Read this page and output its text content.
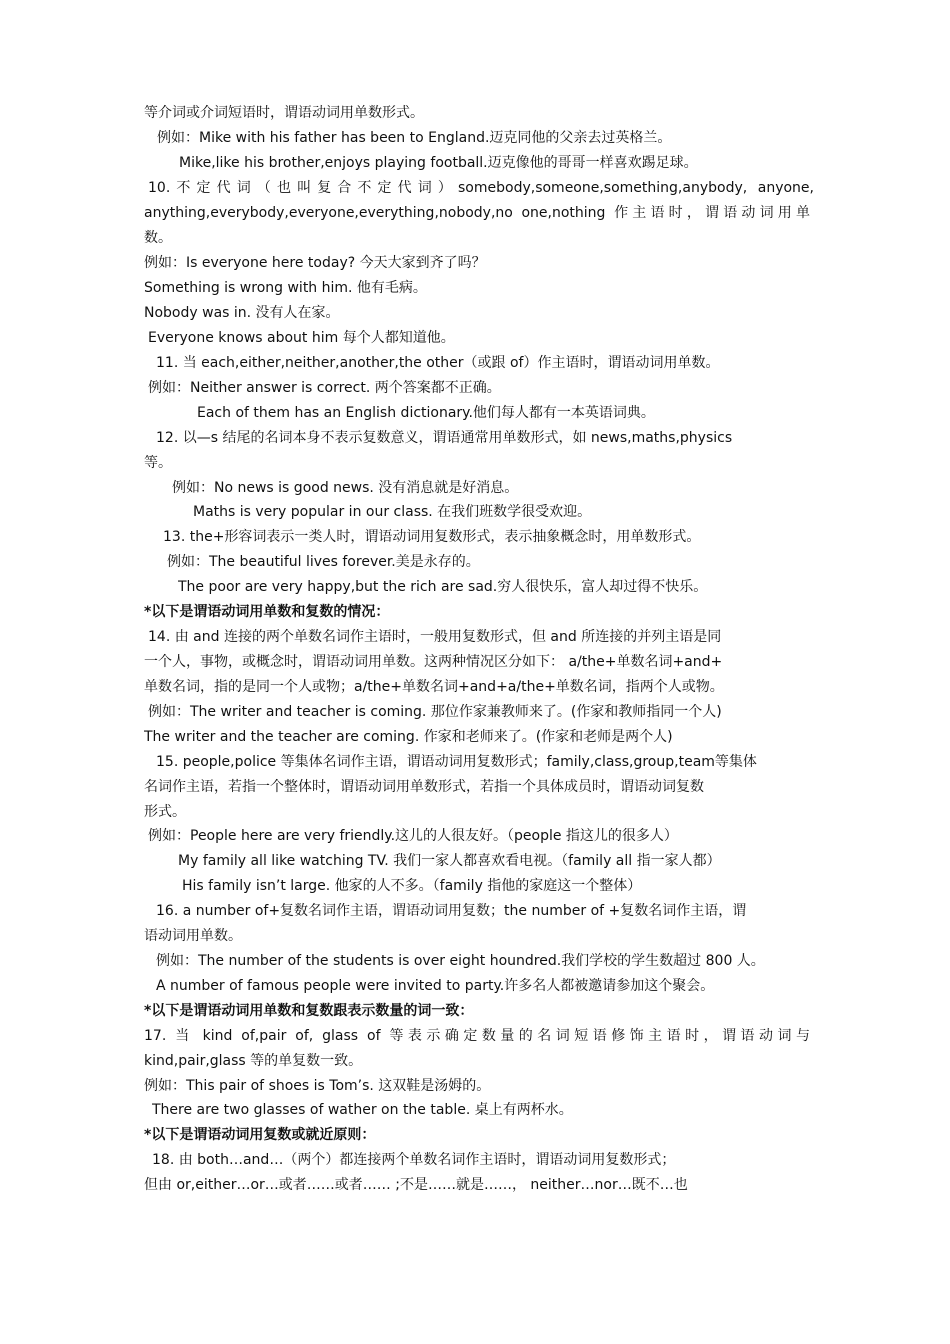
等介词或介词短语时，谓语动词用单数形式。
例如：Mike with his father has been to England.迈克同他的父亲去过英格兰。
Mike,like his brother,enjoys playing football.迈克像他的哥哥一样喜欢踢足球。
10.不定代词（也叫复合不定代词）somebody,someone,something,anybody, anyone,
anything,everybody,everyone,everything,nobody,no one,nothing 作主语时，谓语动词用单
数。
例如：Is everyone here today? 今天大家到齐了吗？
Something is wrong with him. 他有毛病。
Nobody was in. 没有人在家。
Everyone knows about him 每个人都知道他。
11. 当 each,either,neither,another,the other（或跟 of）作主语时，谓语动词用单数。
例如：Neither answer is correct. 两个答案都不正确。
Each of them has an English dictionary.他们每人都有一本英语词典。
12. 以—s 结尾的名词本身不表示复数意义，谓语通常用单数形式，如 news,maths,physics
等。
例如：No news is good news. 没有消息就是好消息。
Maths is very popular in our class. 在我们班数学很受欢迎。
13. the+形容词表示一类人时，谓语动词用复数形式，表示抽象概念时，用单数形式。
例如：The beautiful lives forever.美是永存的。
The poor are very happy,but the rich are sad.穷人很快乐，富人却过得不快乐。
*以下是谓语动词用单数和复数的情况：
14. 由 and 连接的两个单数名词作主语时，一般用复数形式，但 and 所连接的并列主语是同
一个人，事物，或概念时，谓语动词用单数。这两种情况区分如下： a/the+单数名词+and+
单数名词，指的是同一个人或物；a/the+单数名词+and+a/the+单数名词，指两个人或物。
例如：The writer and teacher is coming. 那位作家兼教师来了。(作家和教师指同一个人)
The writer and the teacher are coming. 作家和老师来了。(作家和老师是两个人)
15. people,police 等集体名词作主语，谓语动词用复数形式；family,class,group,team等集体
名词作主语，若指一个整体时，谓语动词用单数形式，若指一个具体成员时，谓语动词复数
形式。
例如：People here are very friendly.这儿的人很友好。（people 指这儿的很多人）
My family all like watching TV. 我们一家人都喜欢看电视。（family all 指一家人都）
His family isn’t large. 他家的人不多。（family 指他的家庭这一个整体）
16. a number of+复数名词作主语，谓语动词用复数；the number of +复数名词作主语，谓
语动词用单数。
例如：The number of the students is over eight houndred.我们学校的学生数超过 800 人。
A number of famous people were invited to party.许多名人都被邀请参加这个聚会。
*以下是谓语动词用单数和复数跟表示数量的词一致：
17. 当 kind of,pair of, glass of 等表示确定数量的名词短语修饰主语时，谓语动词与
kind,pair,glass 等的单复数一致。
例如：This pair of shoes is Tom’s. 这双鞋是汤姆的。
There are two glasses of wather on the table. 桌上有两杯水。
*以下是谓语动词用复数或就近原则：
18. 由 both…and…（两个）都连接两个单数名词作主语时，谓语动词用复数形式；
但由 or,either…or…或者……或者…… ;不是……就是……， neither…nor…既不…也
